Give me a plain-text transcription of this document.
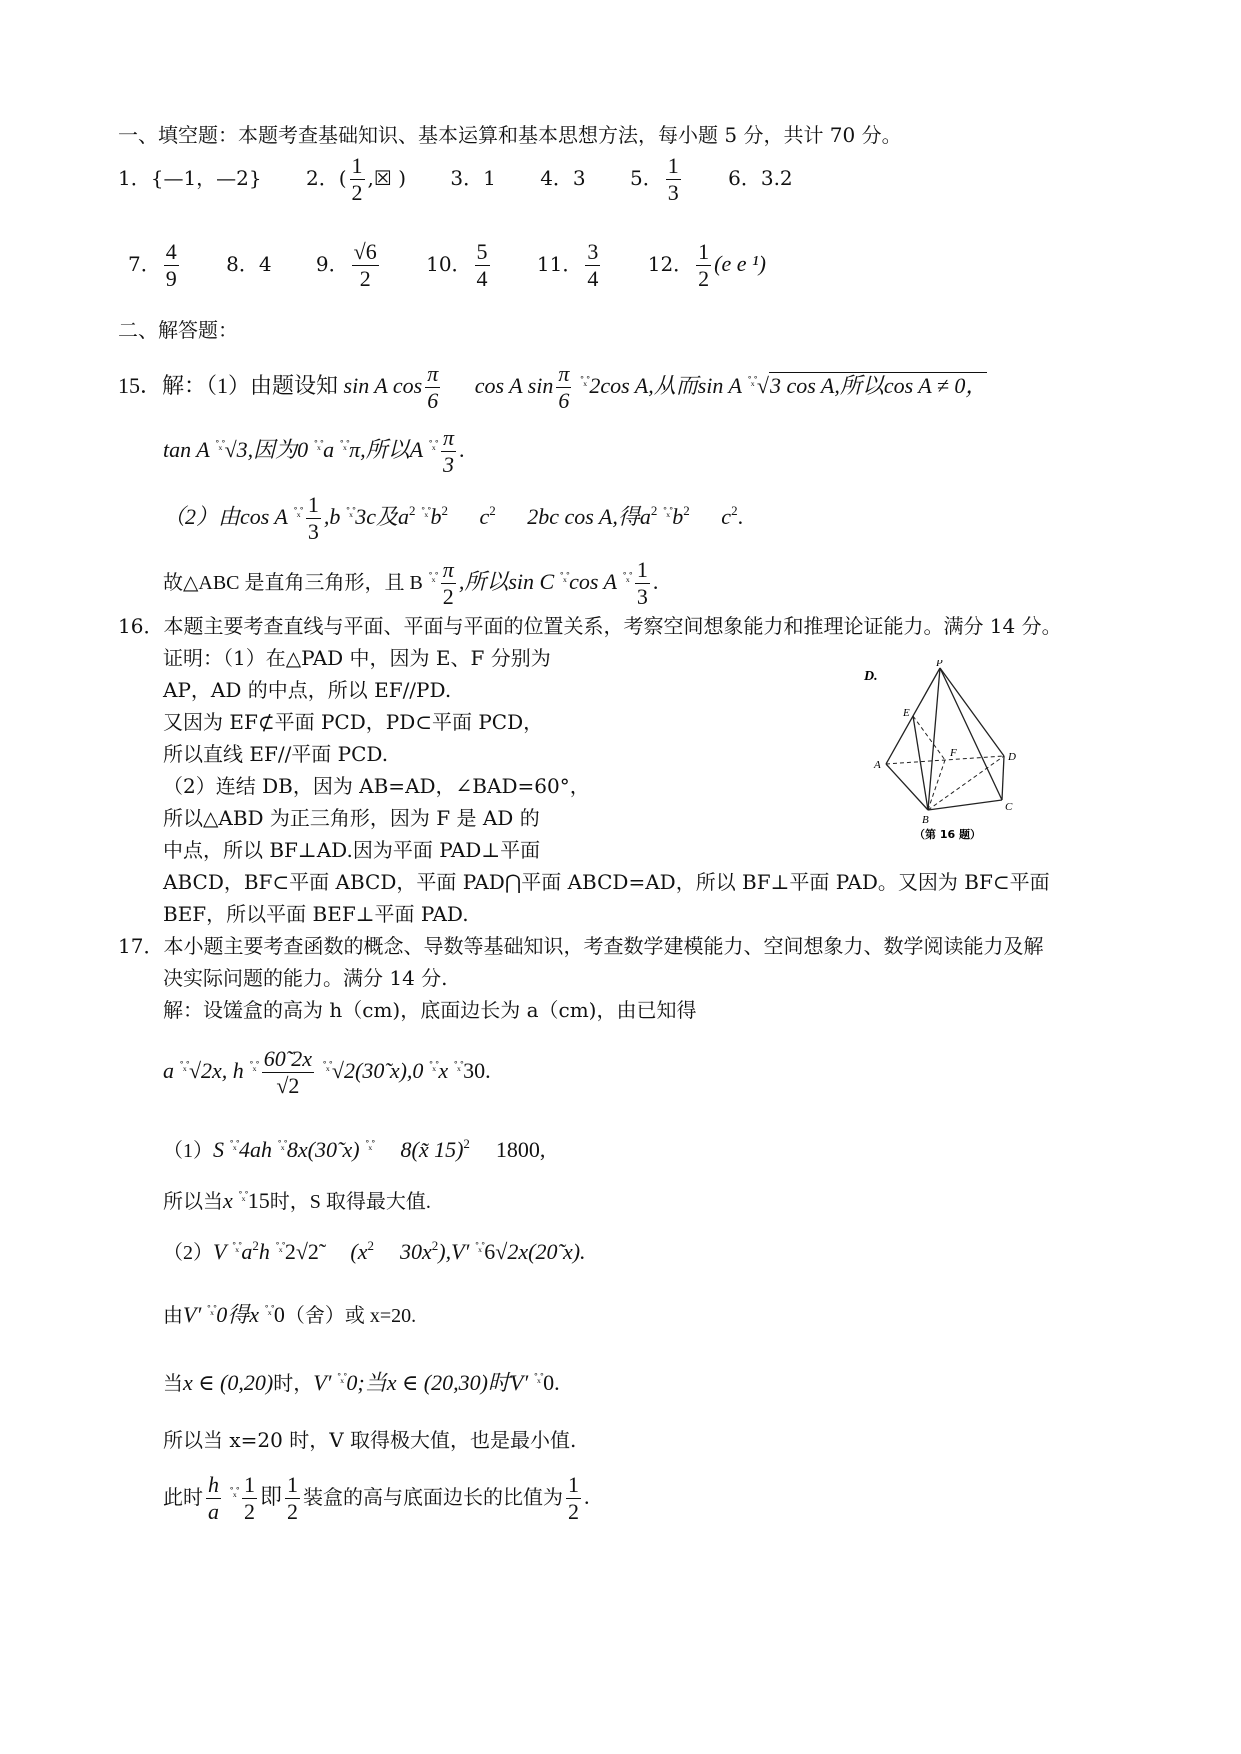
一、填空题：本题考查基础知识、基本运算和基本思想方法，每小题 5 分，共计 70 分。
1．{—1，—2} 2．( $\frac{1}{2}$ ,☒ ) 3．1 4．3 5． $\frac{1}{3} 6$．3.2
7． $\frac{4}{9} 8$．4 9． $\frac{√6}{2} 10$． $\frac{5}{4} 11$． $\frac{3}{4} 12$． $\frac{1}{2} (e$ e ¹)
二、解答题：
15．解：（1）由题设知 sin A $\cos \frac{\pi}{6}$ cos A $\sin \frac{\pi}{6} ^{˚_x˚}2\cos$ A,从而sin A $^{˚_x˚}$√3 cos A,所以cos A ≠ 0，
tan A $^{˚_x˚}$√3,因为0 $^{˚_x˚}$a $^{˚_x˚}$π,所以A $^{˚_x˚} \frac{\pi}{3}$ .
（2）由cos A $^{˚_x˚} \frac{1}{3} ,b$ $^{˚_x˚}$3c及$a^2$ $^{˚_x˚}b^2$ $c^2$ 2bc cos A,得$a^2$ $^{˚_x˚}b^2$ $c^2$.
故△ABC 是直角三角形，且 B $^{˚_x˚} \frac{\pi}{2}$ ,所以sin C $^{˚_x˚}$cos A $^{˚_x˚} \frac{1}{3}$ .
16．本题主要考查直线与平面、平面与平面的位置关系，考察空间想象能力和推理论证能力。满分 14 分。
证明：（1）在△PAD 中，因为 E、F 分别为
AP，AD 的中点，所以 EF//PD.
又因为 EF⊄平面 PCD，PD⊂平面 PCD，
所以直线 EF//平面 PCD.
（2）连结 DB，因为 AB=AD，∠BAD=60°，
所以△ABD 为正三角形，因为 F 是 AD 的
中点，所以 BF⊥AD.因为平面 PAD⊥平面
ABCD，BF⊂平面 ABCD，平面 PAD⋂平面 ABCD=AD，所以 BF⊥平面 PAD。又因为 BF⊂平面
BEF，所以平面 BEF⊥平面 PAD.
D.
P
E
A
F	D
B
C
（第 16 题）
17．本小题主要考查函数的概念、导数等基础知识，考查数学建模能力、空间想象力、数学阅读能力及解
决实际问题的能力。满分 14 分.
解：设馐盒的高为 h（cm)，底面边长为 a（cm)，由已知得
a $^{˚_x˚}$√2x, h $^{˚_x˚} \frac{60̃ 2x}{√2}$ $^{˚_x˚}$√2(30̃ x),0 $^{˚_x˚}$x $^{˚_x˚}$30.
（1）S $^{˚_x˚}$4ah $^{˚_x˚}$8x(30̃ x) $^{˚_x˚}$ 8(x̃ 15)$^2$ 1800,
所以当x $^{˚_x˚}$15时，S 取得最大值.
（2）V $^{˚_x˚}a^2h$ $^{˚_x˚}$2√2̃ ($x^2$ $30x^2),V'$ $^{˚_x˚}$6√2x(20̃ x).
由V′ $^{˚_x˚}$0得x $^{˚_x˚}$0（舍）或 x=20.
当x ∈ (0,20)时，V′ $^{˚_x˚}$0;当x ∈ (20,30)时V′ $^{˚_x˚}$0.
所以当 x=20 时，V 取得极大值，也是最小值.
此时 $\frac{h}{a} ^{˚_x˚} \frac{1}{2}$ 即 $\frac{1}{2}$ 装盒的高与底面边长的比值为 $\frac{1}{2}$ .
